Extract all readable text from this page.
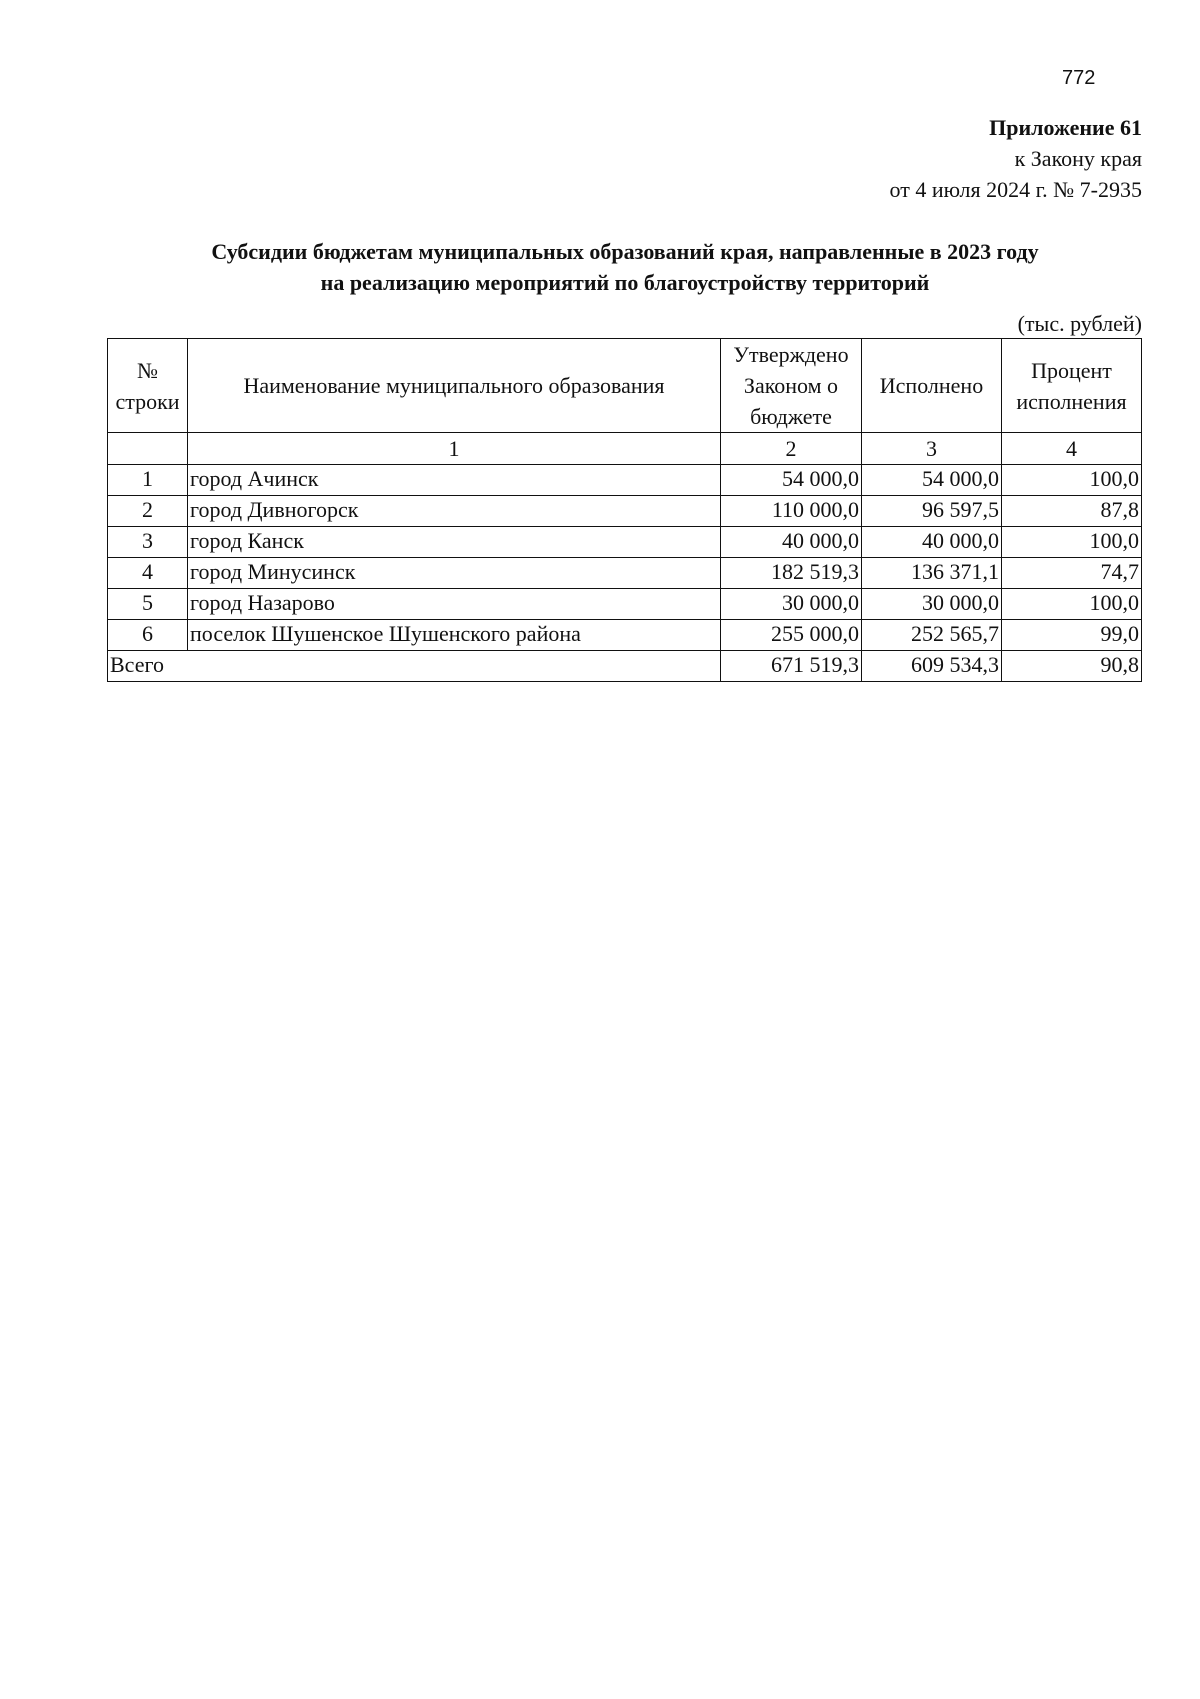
772
Приложение 61
к Закону края
от 4 июля 2024 г. № 7-2935
Субсидии бюджетам муниципальных образований края, направленные в 2023 году
на реализацию мероприятий по благоустройству территорий
(тыс. рублей)
№ строки	Наименование муниципального образования	Утверждено Законом о бюджете	Исполнено	Процент исполнения
	1	2	3	4
1	город Ачинск	54 000,0	54 000,0	100,0
2	город Дивногорск	110 000,0	96 597,5	87,8
3	город Канск	40 000,0	40 000,0	100,0
4	город Минусинск	182 519,3	136 371,1	74,7
5	город Назарово	30 000,0	30 000,0	100,0
6	поселок Шушенское Шушенского района	255 000,0	252 565,7	99,0
Всего		671 519,3	609 534,3	90,8
